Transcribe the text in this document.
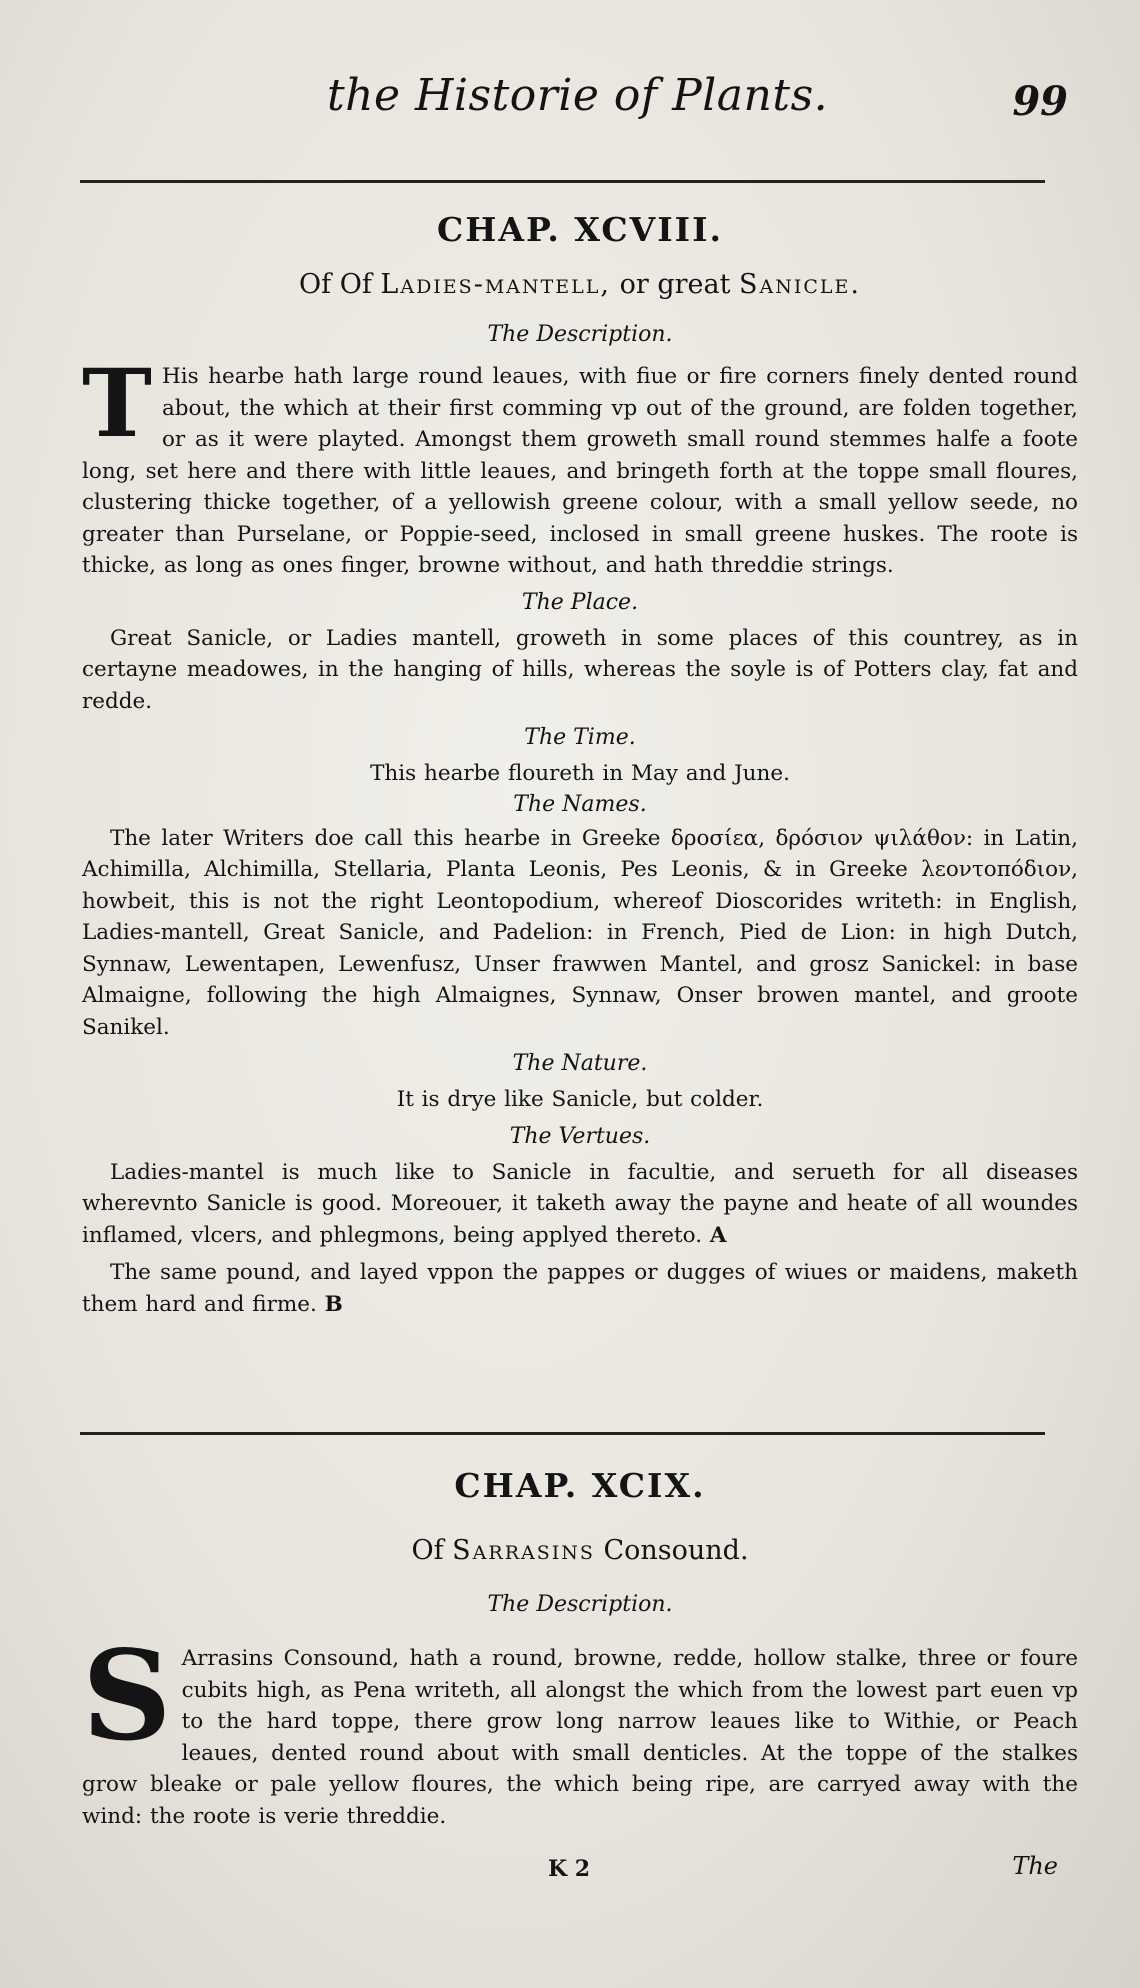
the Historie of Plants.	99
CHAP. XCVIII.

Of Of Ladies-mantell, or great Sanicle.

The Description.

T His hearbe hath large round leaues, with fiue or fire corners finely dented round about, the which at their first comming vp out of the ground, are folden together, or as it were playted. Amongst them groweth small round stemmes halfe a foote long, set here and there with little leaues, and bringeth forth at the toppe small floures, clustering thicke together, of a yellowish greene colour, with a small yellow seede, no greater than Purselane, or Poppie-seed, inclosed in small greene huskes. The roote is thicke, as long as ones finger, browne without, and hath threddie strings.

The Place.

Great Sanicle, or Ladies mantell, groweth in some places of this countrey, as in certayne meadowes, in the hanging of hills, whereas the soyle is of Potters clay, fat and redde.

The Time.

This hearbe floureth in May and June.

The Names.

The later Writers doe call this hearbe in Greeke δροσίεα, δρόσιον ψιλάθον: in Latin, Achimilla, Alchimilla, Stellaria, Planta Leonis, Pes Leonis, & in Greeke λεοντοπόδιον, howbeit, this is not the right Leontopodium, whereof Dioscorides writeth: in English, Ladies-mantell, Great Sanicle, and Padelion: in French, Pied de Lion: in high Dutch, Synnaw, Lewentapen, Lewenfusz, Unser frawwen Mantel, and grosz Sanickel: in base Almaigne, following the high Almaignes, Synnaw, Onser browen mantel, and groote Sanikel.

The Nature.

It is drye like Sanicle, but colder.

The Vertues.

Ladies-mantel is much like to Sanicle in facultie, and serueth for all diseases wherevnto Sanicle is good. Moreouer, it taketh away the payne and heate of all woundes inflamed, vlcers, and phlegmons, being applyed thereto. A

The same pound, and layed vppon the pappes or dugges of wiues or maidens, maketh them hard and firme. B

CHAP. XCIX.

Of Sarrasins Consound.

The Description.

S Arrasins Consound, hath a round, browne, redde, hollow stalke, three or foure cubits high, as Pena writeth, all alongst the which from the lowest part euen vp to the hard toppe, there grow long narrow leaues like to Withie, or Peach leaues, dented round about with small denticles. At the toppe of the stalkes grow bleake or pale yellow floures, the which being ripe, are carryed away with the wind: the roote is verie threddie.

K 2	The
